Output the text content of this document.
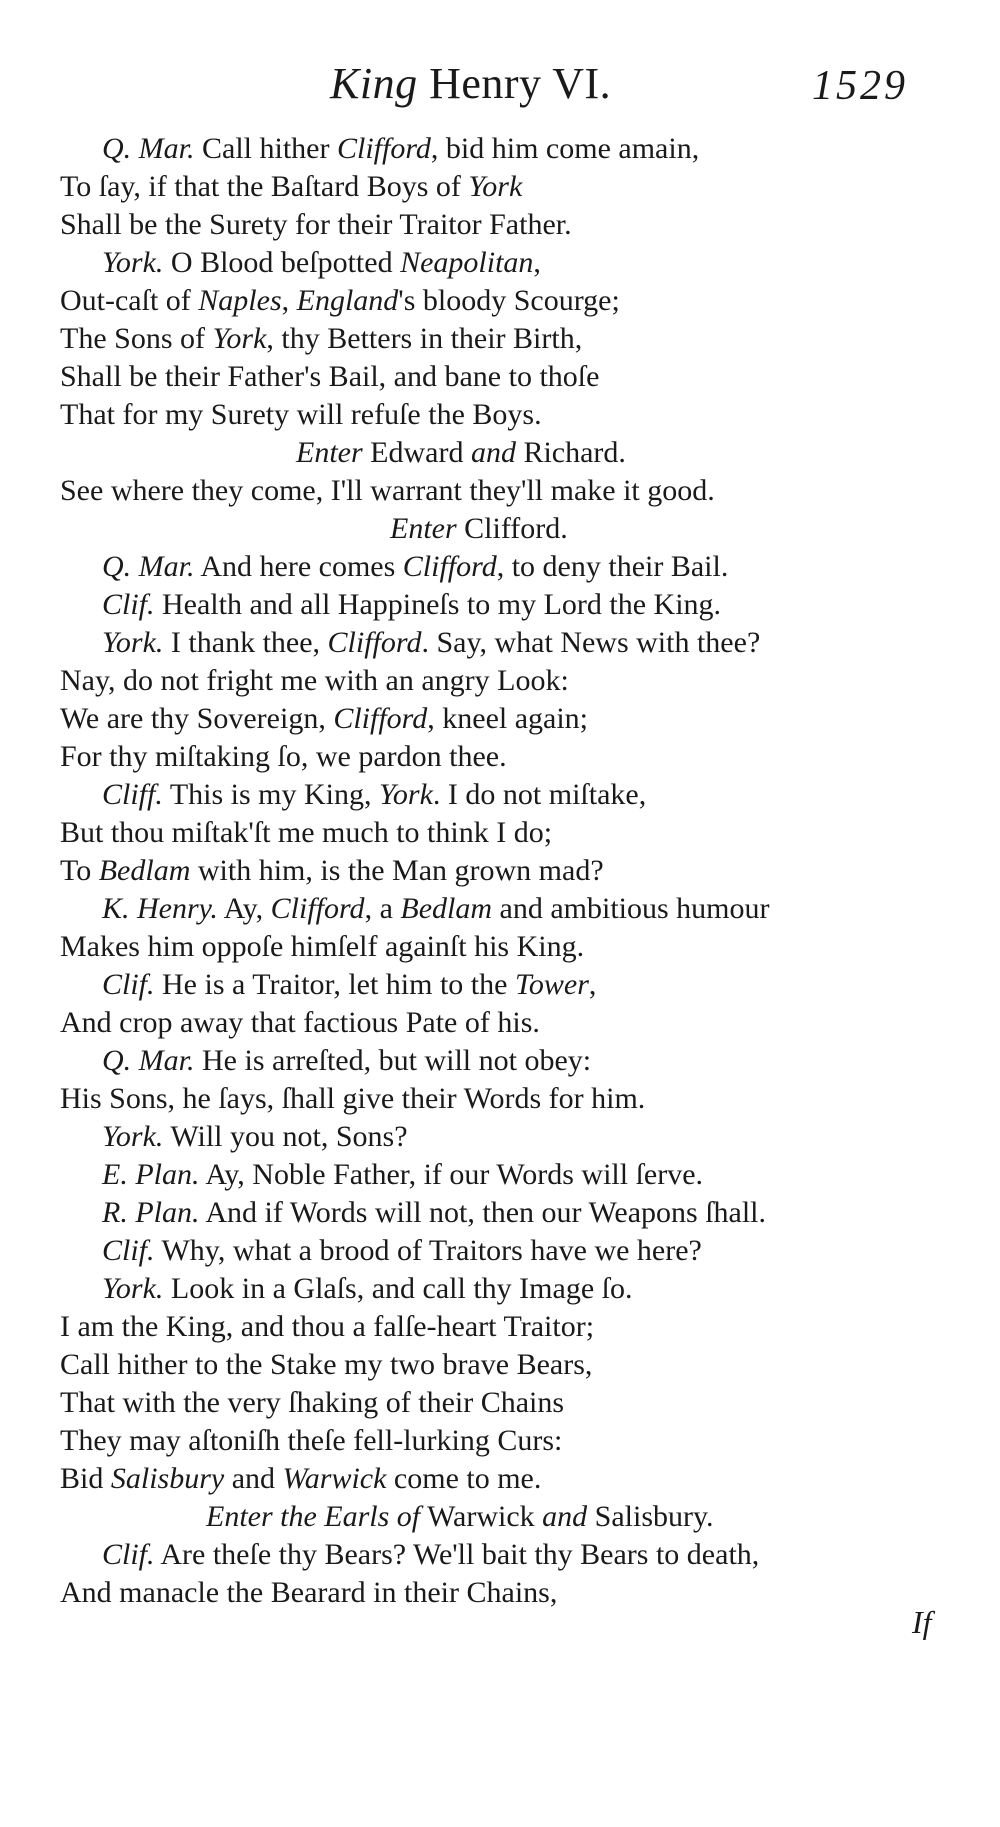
King Henry VI.	1529
Q. Mar. Call hither Clifford, bid him come amain,
To ſay, if that the Baſtard Boys of York
Shall be the Surety for their Traitor Father.
York. O Blood beſpotted Neapolitan,
Out-caſt of Naples, England's bloody Scourge;
The Sons of York, thy Betters in their Birth,
Shall be their Father's Bail, and bane to thoſe
That for my Surety will refuſe the Boys.
Enter Edward and Richard.
See where they come, I'll warrant they'll make it good.
Enter Clifford.
Q. Mar. And here comes Clifford, to deny their Bail.
Clif. Health and all Happineſs to my Lord the King.
York. I thank thee, Clifford. Say, what News with thee?
Nay, do not fright me with an angry Look:
We are thy Sovereign, Clifford, kneel again;
For thy miſtaking ſo, we pardon thee.
Cliff. This is my King, York. I do not miſtake,
But thou miſtak'ſt me much to think I do;
To Bedlam with him, is the Man grown mad?
K. Henry. Ay, Clifford, a Bedlam and ambitious humour
Makes him oppoſe himſelf againſt his King.
Clif. He is a Traitor, let him to the Tower,
And crop away that factious Pate of his.
Q. Mar. He is arreſted, but will not obey:
His Sons, he ſays, ſhall give their Words for him.
York. Will you not, Sons?
E. Plan. Ay, Noble Father, if our Words will ſerve.
R. Plan. And if Words will not, then our Weapons ſhall.
Clif. Why, what a brood of Traitors have we here?
York. Look in a Glaſs, and call thy Image ſo.
I am the King, and thou a falſe-heart Traitor;
Call hither to the Stake my two brave Bears,
That with the very ſhaking of their Chains
They may aſtoniſh theſe fell-lurking Curs:
Bid Salisbury and Warwick come to me.
Enter the Earls of Warwick and Salisbury.
Clif. Are theſe thy Bears? We'll bait thy Bears to death,
And manacle the Bearard in their Chains,
If
